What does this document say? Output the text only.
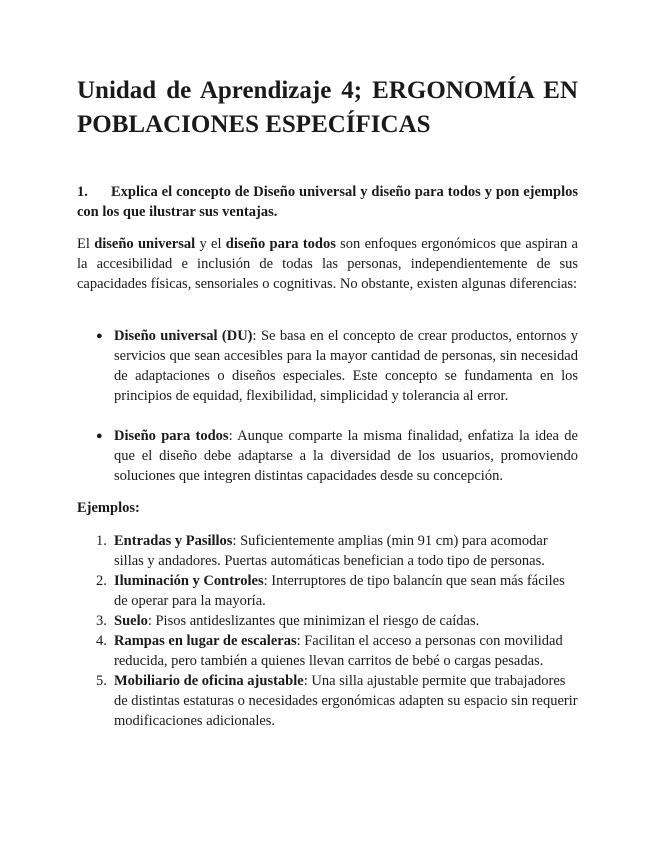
Unidad de Aprendizaje 4; ERGONOMÍA EN POBLACIONES ESPECÍFICAS

1. Explica el concepto de Diseño universal y diseño para todos y pon ejemplos con los que ilustrar sus ventajas.

El diseño universal y el diseño para todos son enfoques ergonómicos que aspiran a la accesibilidad e inclusión de todas las personas, independientemente de sus capacidades físicas, sensoriales o cognitivas. No obstante, existen algunas diferencias:

● Diseño universal (DU): Se basa en el concepto de crear productos, entornos y servicios que sean accesibles para la mayor cantidad de personas, sin necesidad de adaptaciones o diseños especiales. Este concepto se fundamenta en los principios de equidad, flexibilidad, simplicidad y tolerancia al error.
● Diseño para todos: Aunque comparte la misma finalidad, enfatiza la idea de que el diseño debe adaptarse a la diversidad de los usuarios, promoviendo soluciones que integren distintas capacidades desde su concepción.

Ejemplos:

1. Entradas y Pasillos: Suficientemente amplias (min 91 cm) para acomodar sillas y andadores. Puertas automáticas benefician a todo tipo de personas.
2. Iluminación y Controles: Interruptores de tipo balancín que sean más fáciles de operar para la mayoría.
3. Suelo: Pisos antideslizantes que minimizan el riesgo de caídas.
4. Rampas en lugar de escaleras: Facilitan el acceso a personas con movilidad reducida, pero también a quienes llevan carritos de bebé o cargas pesadas.
5. Mobiliario de oficina ajustable: Una silla ajustable permite que trabajadores de distintas estaturas o necesidades ergonómicas adapten su espacio sin requerir modificaciones adicionales.
